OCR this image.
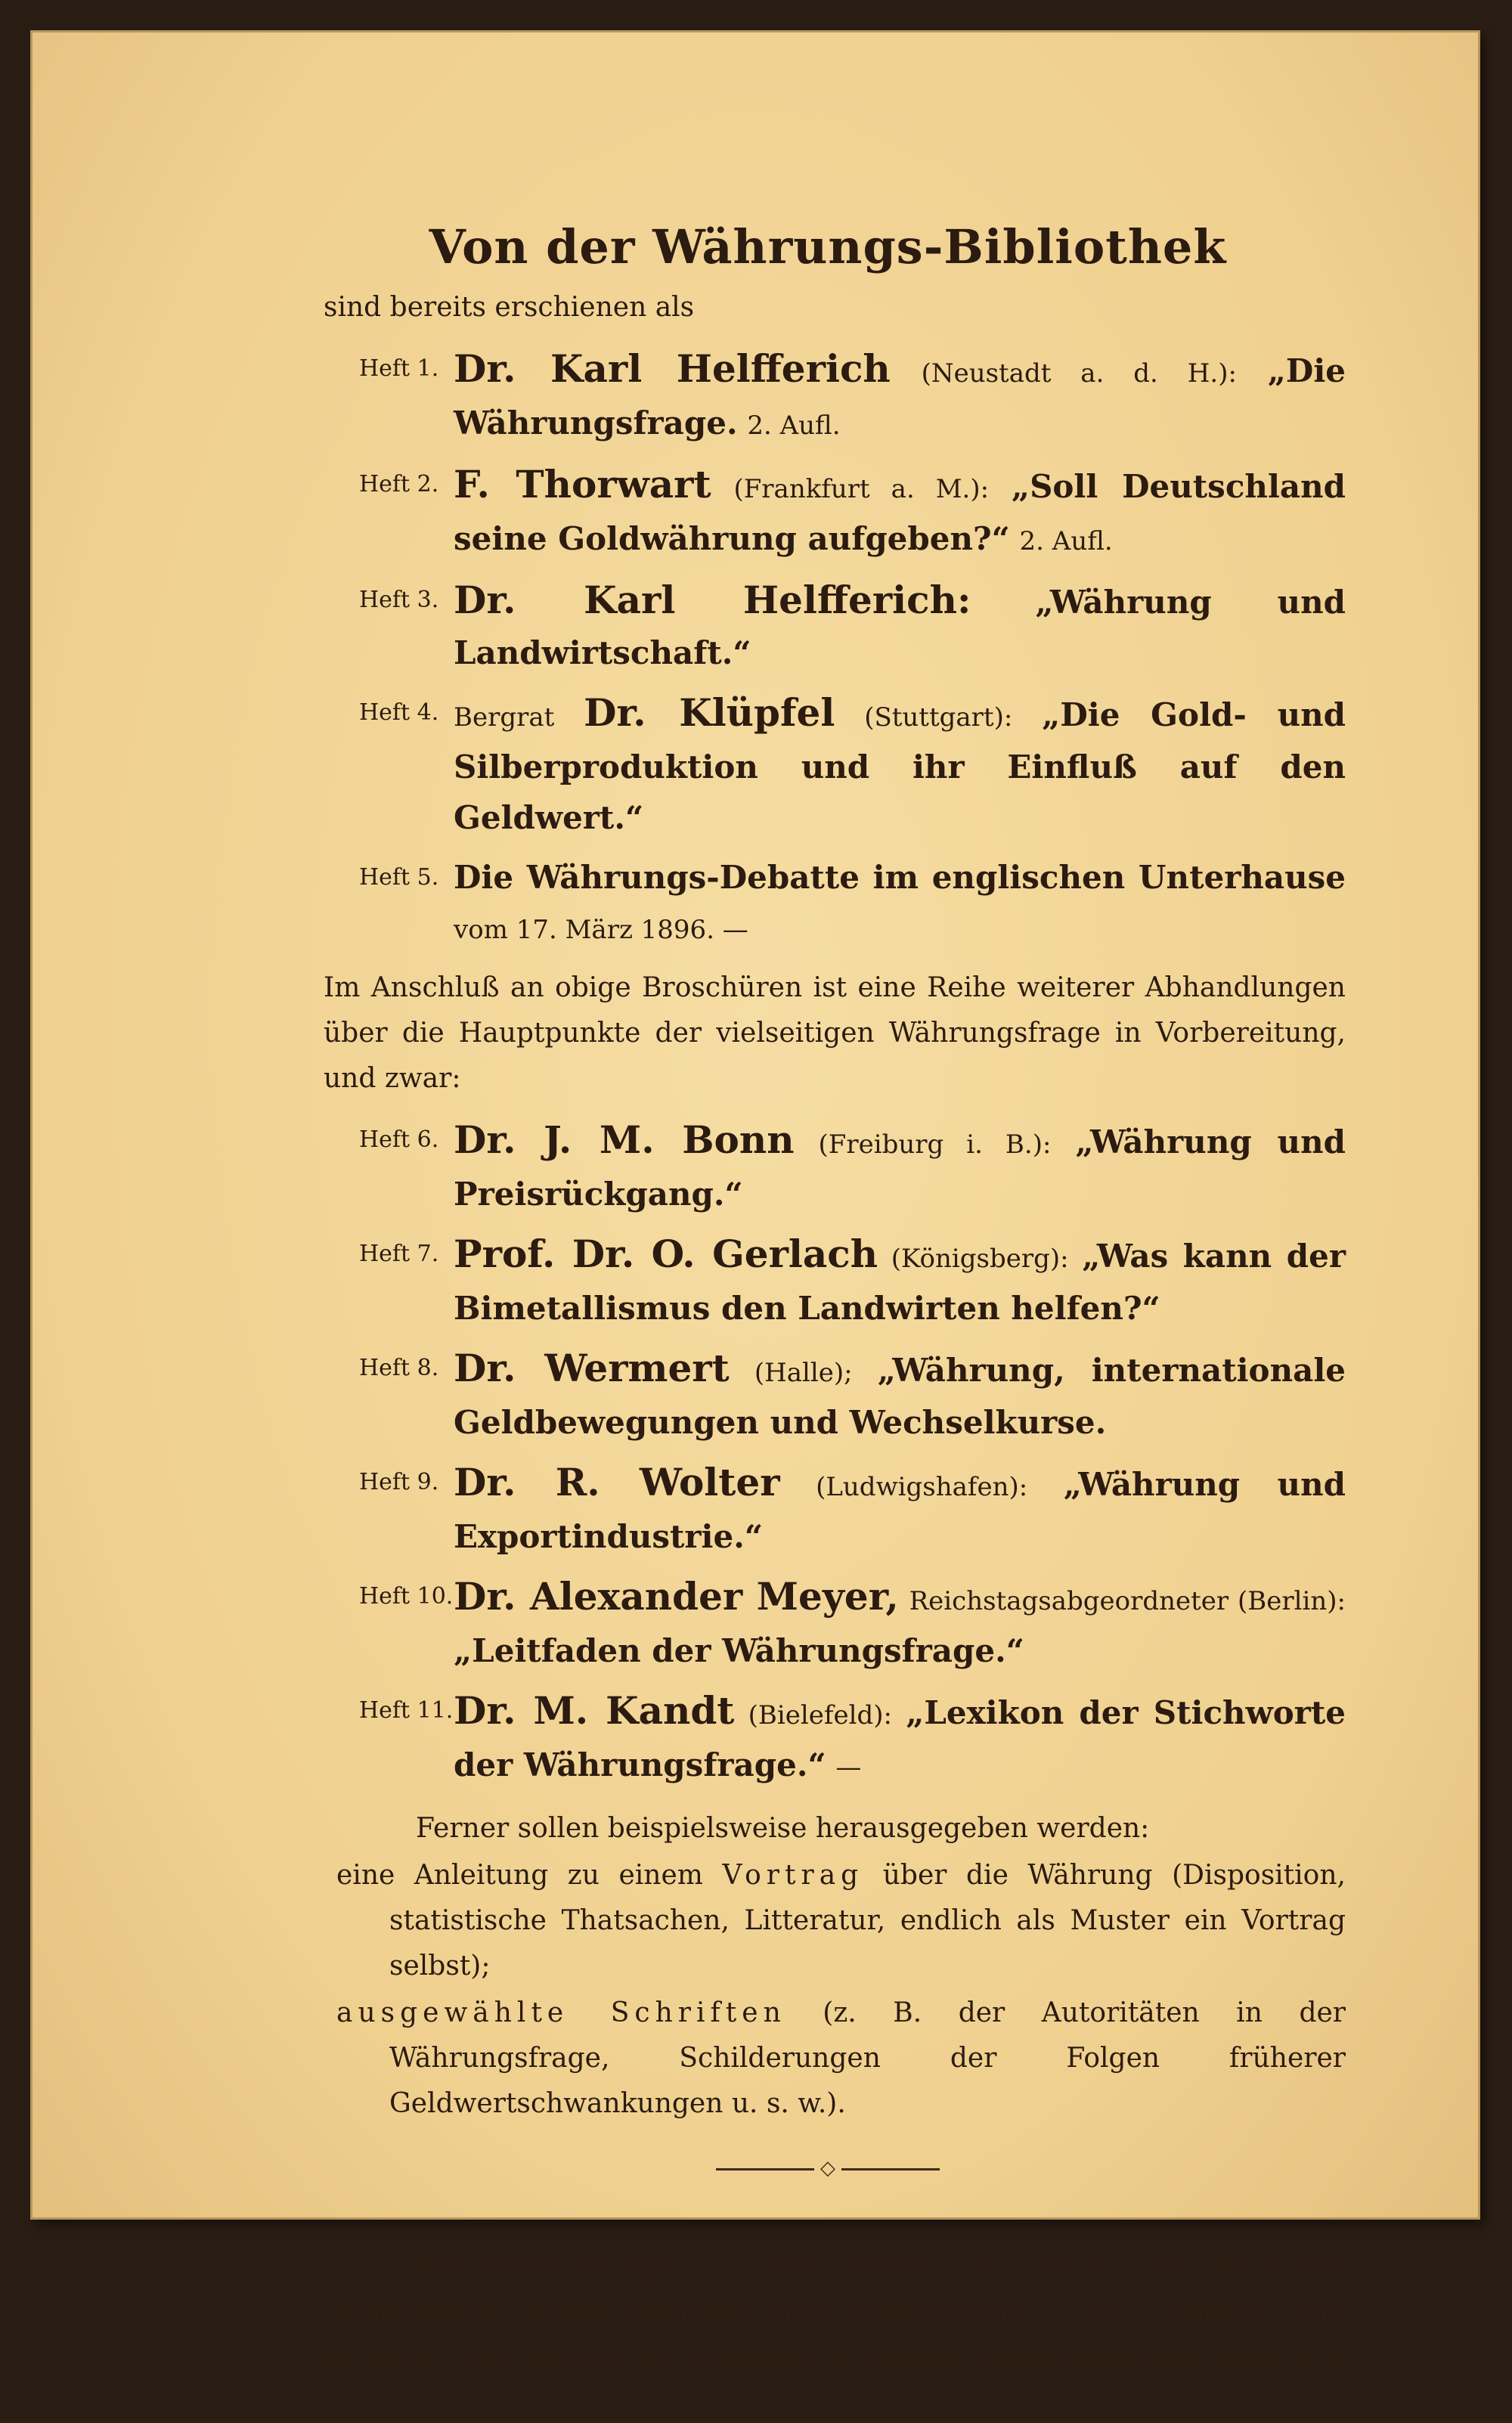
Von der Währungs-Bibliothek
sind bereits erschienen als
Heft 1. Dr. Karl Helfferich (Neustadt a. d. H.): „Die Währungsfrage. 2. Aufl.
Heft 2. F. Thorwart (Frankfurt a. M.): „Soll Deutschland seine Goldwährung aufgeben?“ 2. Aufl.
Heft 3. Dr. Karl Helfferich: „Währung und Landwirtschaft.“
Heft 4. Bergrat Dr. Klüpfel (Stuttgart): „Die Gold- und Silberproduktion und ihr Einfluß auf den Geldwert.“
Heft 5. Die Währungs-Debatte im englischen Unterhause vom 17. März 1896. —
Im Anschluß an obige Broschüren ist eine Reihe weiterer Abhandlungen über die Hauptpunkte der vielseitigen Währungsfrage in Vorbereitung, und zwar:
Heft 6. Dr. J. M. Bonn (Freiburg i. B.): „Währung und Preisrückgang.“
Heft 7. Prof. Dr. O. Gerlach (Königsberg): „Was kann der Bimetallismus den Landwirten helfen?“
Heft 8. Dr. Wermert (Halle); „Währung, internationale Geldbewegungen und Wechselkurse.
Heft 9. Dr. R. Wolter (Ludwigshafen): „Währung und Exportindustrie.“
Heft 10. Dr. Alexander Meyer, Reichstagsabgeordneter (Berlin): „Leitfaden der Währungsfrage.“
Heft 11. Dr. M. Kandt (Bielefeld): „Lexikon der Stichworte der Währungsfrage.“ —
Ferner sollen beispielsweise herausgegeben werden:
eine Anleitung zu einem Vortrag über die Währung (Disposition, statistische Thatsachen, Litteratur, endlich als Muster ein Vortrag selbst);
ausgewählte Schriften (z. B. der Autoritäten in der Währungsfrage, Schilderungen der Folgen früherer Geldwertschwankungen u. s. w.).
◇
Beitrittserklärungen zu dem Verein zum Schutz der deutschen Goldwährung, dessen Mitglieder obige Publikationen gratis erhalten, sind an Herrn Prof. Dr. Huber, Stuttgart, zu richten. (Mitgliedsbeitrag jährlich ℳ 2—5).
